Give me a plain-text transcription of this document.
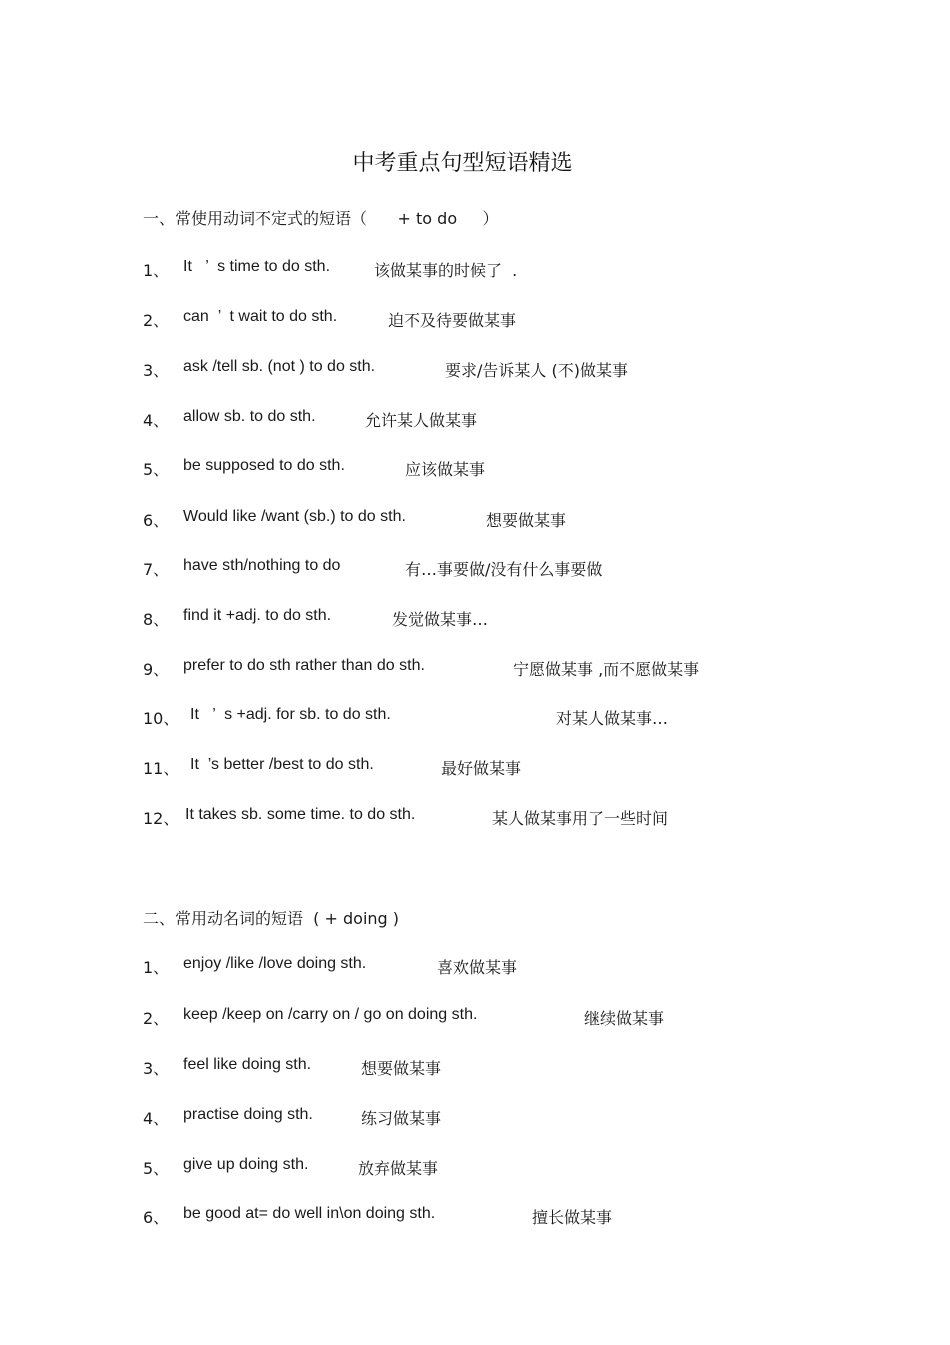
中考重点句型短语精选
一、常使用动词不定式的短语（      + to do     ）

1、

It   ’  s time to do sth.

	该做某事的时候了  .

2、

can  ’  t wait to do sth.

	迫不及待要做某事

3、

ask /tell sb. (not ) to do sth.

	要求/告诉某人 (不)做某事

4、

allow sb. to do sth.

	允许某人做某事

5、

be supposed to do sth.

	应该做某事

6、

Would like /want (sb.) to do sth.

	想要做某事

7、

have sth/nothing to do

	有…事要做/没有什么事要做

8、

find it +adj. to do sth.

	发觉做某事…

9、

prefer to do sth rather than do sth.

	宁愿做某事 ,而不愿做某事

10、

It   ’  s +adj. for sb. to do sth.

	对某人做某事…

11、

It  ’s better /best to do sth.

	最好做某事

12、

It takes sb. some time. to do sth.

	某人做某事用了一些时间

二、常用动名词的短语  ( + doing )

1、

enjoy /like /love doing sth.

	喜欢做某事

2、

keep /keep on /carry on / go on doing sth.

	继续做某事

3、

feel like doing sth.

	想要做某事

4、

practise doing sth.

	练习做某事

5、

give up doing sth.

	放弃做某事

6、

be good at= do well in\on doing sth.

	擅长做某事
